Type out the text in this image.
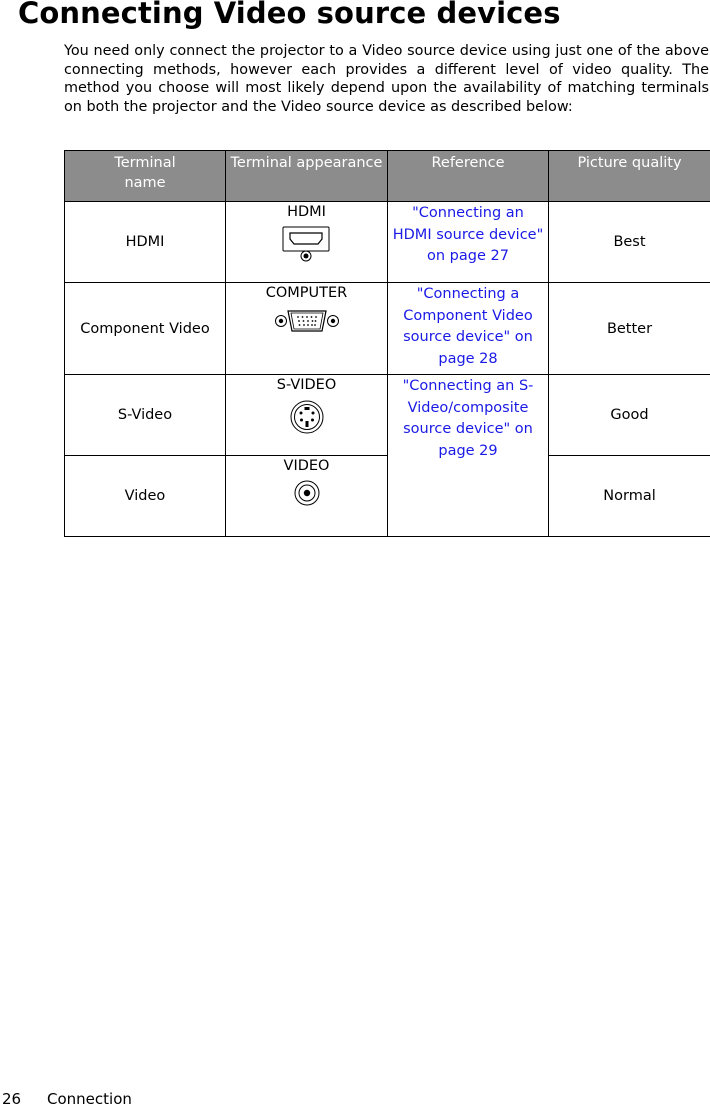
Connecting Video source devices

You need only connect the projector to a Video source device using just one of the above connecting methods, however each provides a different level of video quality. The method you choose will most likely depend upon the availability of matching terminals on both the projector and the Video source device as described below:

Terminal
name	Terminal appearance	Reference	Picture quality
HDMI	HDMI	"Connecting an
HDMI source device"
on page 27	Best
Component Video	COMPUTER	"Connecting a
Component Video
source device" on
page 28	Better
S-Video	S-VIDEO	"Connecting an S-
Video/composite
source device" on
page 29	Good
Video	VIDEO		Normal
26 Connection
